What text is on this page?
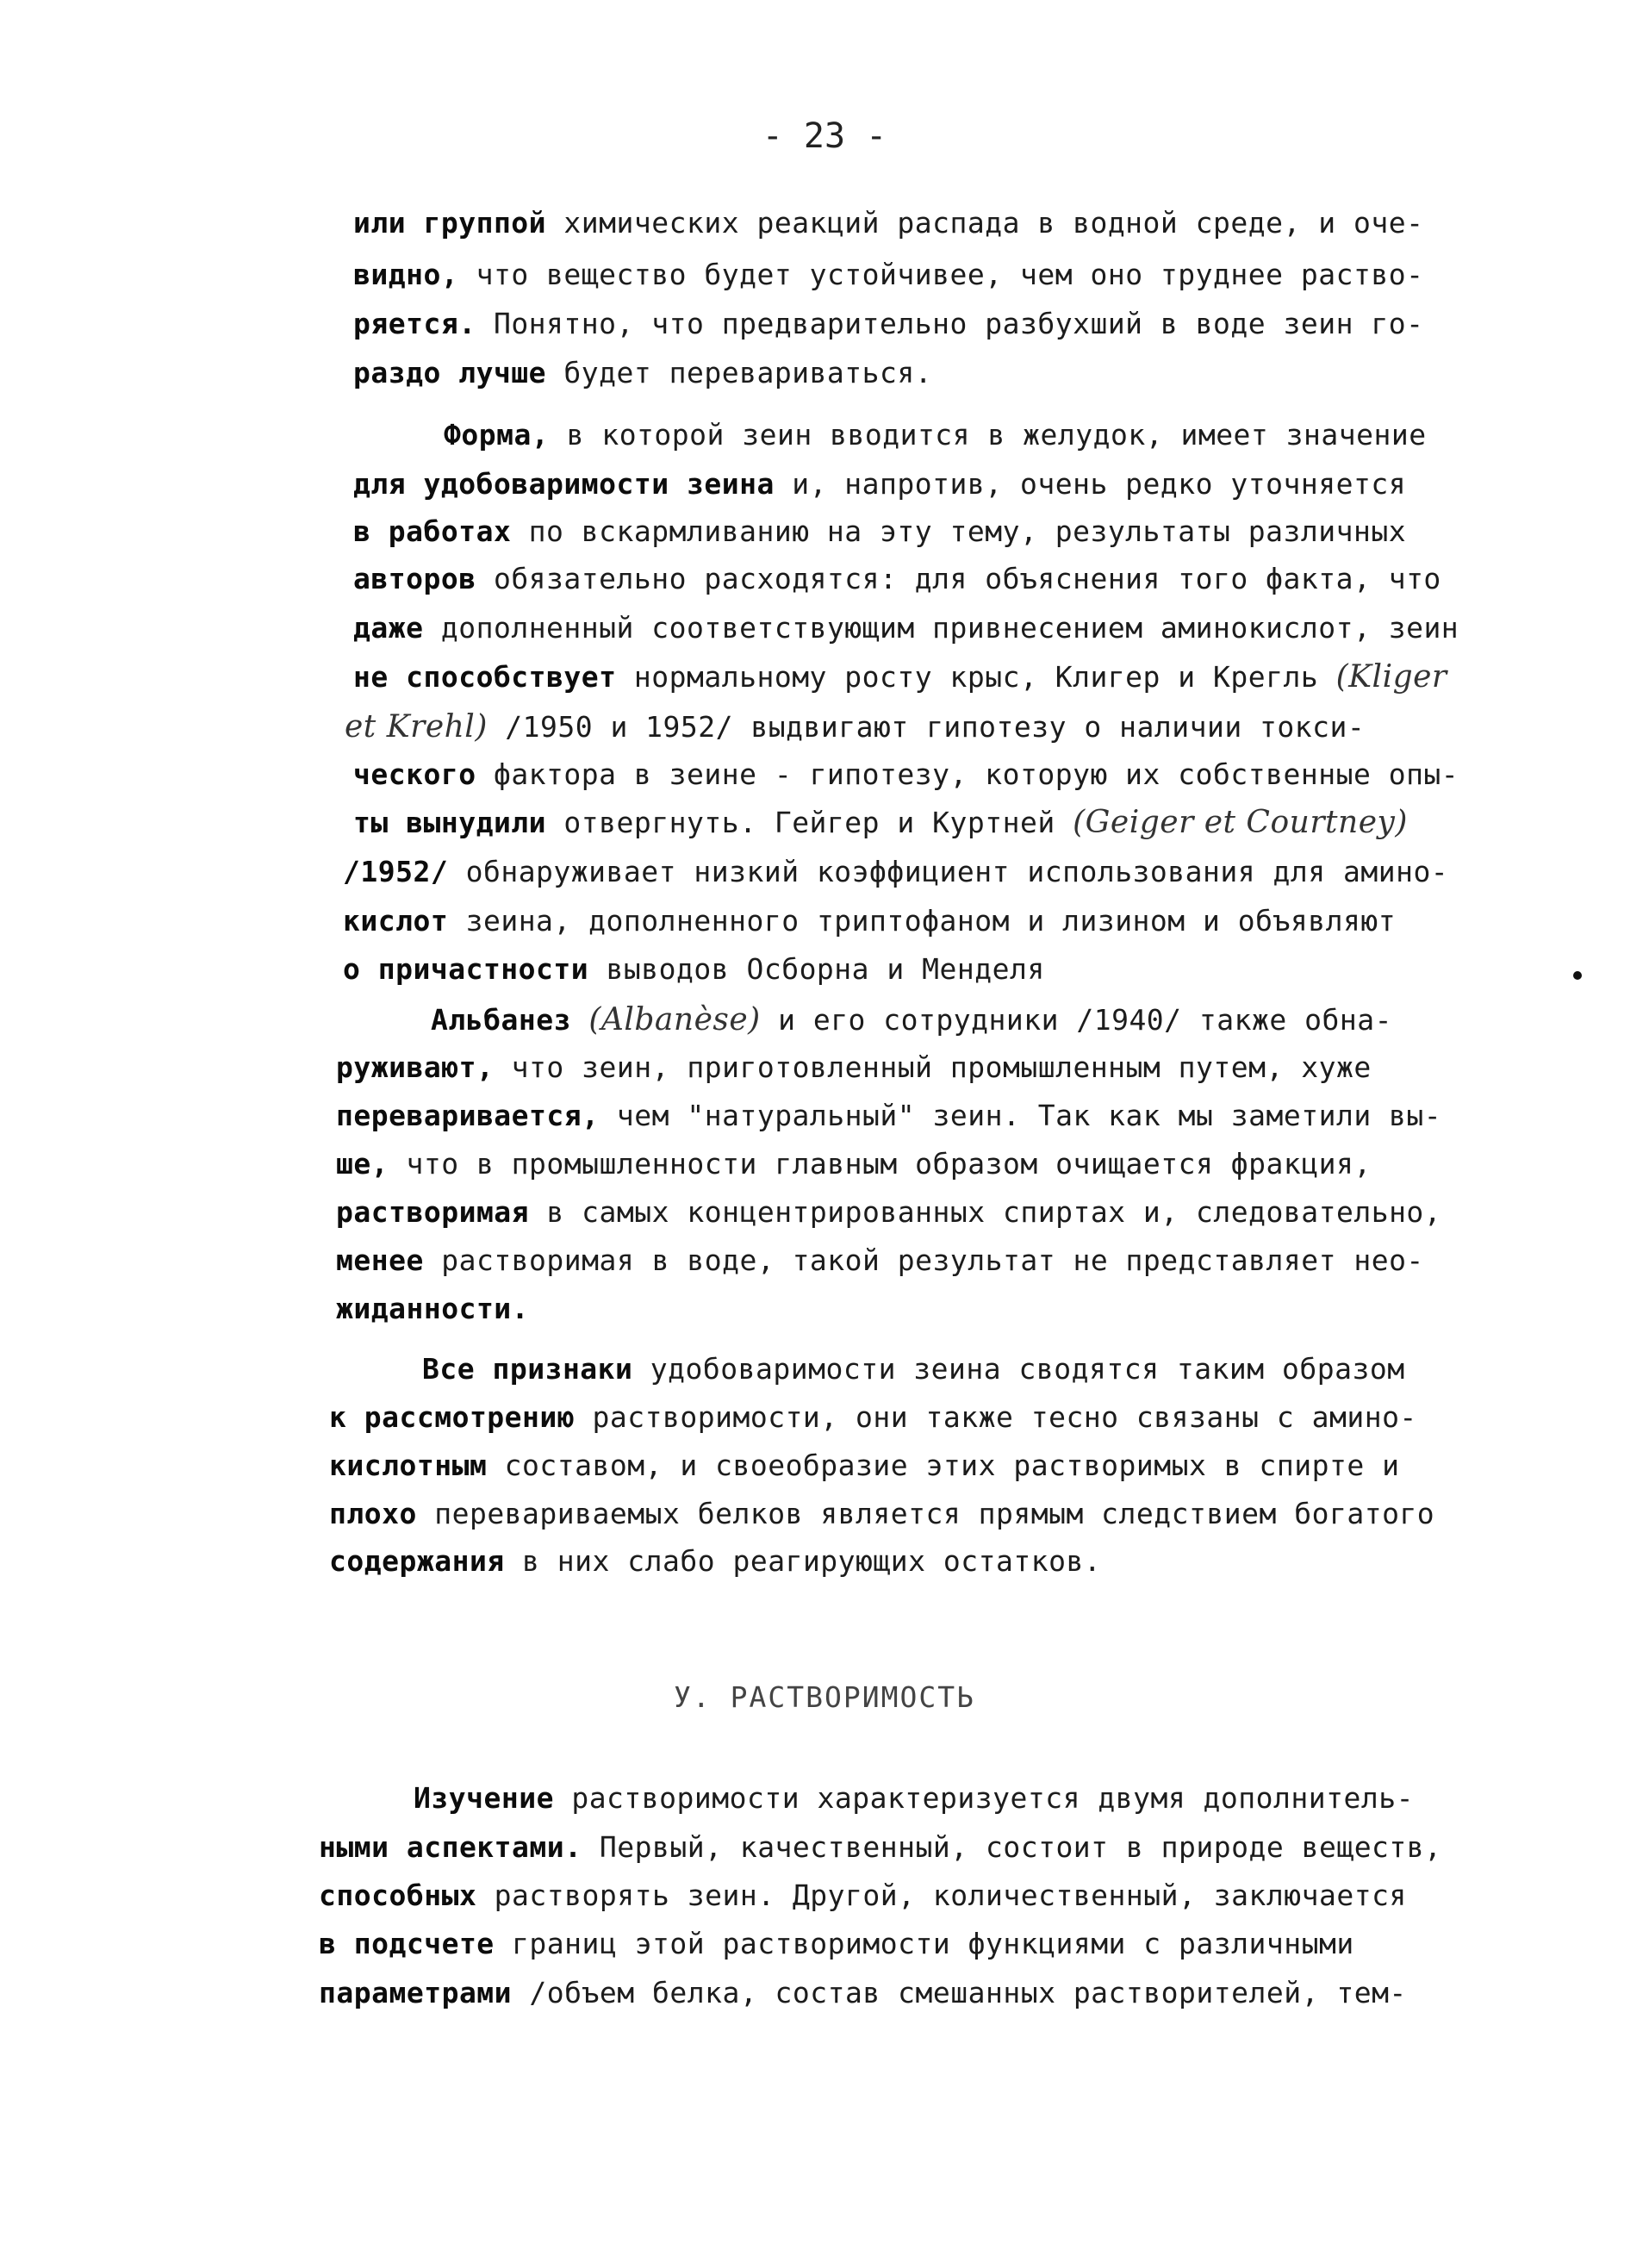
- 23 -
или группой химических реакций распада в водной среде, и оче-
видно, что вещество будет устойчивее, чем оно труднее раство-
ряется. Понятно, что предварительно разбухший в воде зеин го-
раздо лучше будет перевариваться.
Форма, в которой зеин вводится в желудок, имеет значение
для удобоваримости зеина и, напротив, очень редко уточняется
в работах по вскармливанию на эту тему, результаты различных
авторов обязательно расходятся: для объяснения того факта, что
даже дополненный соответствующим привнесением аминокислот, зеин
не способствует нормальному росту крыс, Клигер и Крегль (Kliger
et Krehl) /1950 и 1952/ выдвигают гипотезу о наличии токси-
ческого фактора в зеине - гипотезу, которую их собственные опы-
ты вынудили отвергнуть. Гейгер и Куртней (Geiger et Courtney)
/1952/ обнаруживает низкий коэффициент использования для амино-
кислот зеина, дополненного триптофаном и лизином и объявляют
о причастности выводов Осборна и Менделя
Альбанез (Albanèse) и его сотрудники /1940/ также обна-
руживают, что зеин, приготовленный промышленным путем, хуже
переваривается, чем "натуральный" зеин. Так как мы заметили вы-
ше, что в промышленности главным образом очищается фракция,
растворимая в самых концентрированных спиртах и, следовательно,
менее растворимая в воде, такой результат не представляет нео-
жиданности.
Все признаки удобоваримости зеина сводятся таким образом
к рассмотрению растворимости, они также тесно связаны с амино-
кислотным составом, и своеобразие этих растворимых в спирте и
плохо перевариваемых белков является прямым следствием богатого
содержания в них слабо реагирующих остатков.
У. РАСТВОРИМОСТЬ
Изучение растворимости характеризуется двумя дополнитель-
ными аспектами. Первый, качественный, состоит в природе веществ,
способных растворять зеин. Другой, количественный, заключается
в подсчете границ этой растворимости функциями с различными
параметрами /объем белка, состав смешанных растворителей, тем-
